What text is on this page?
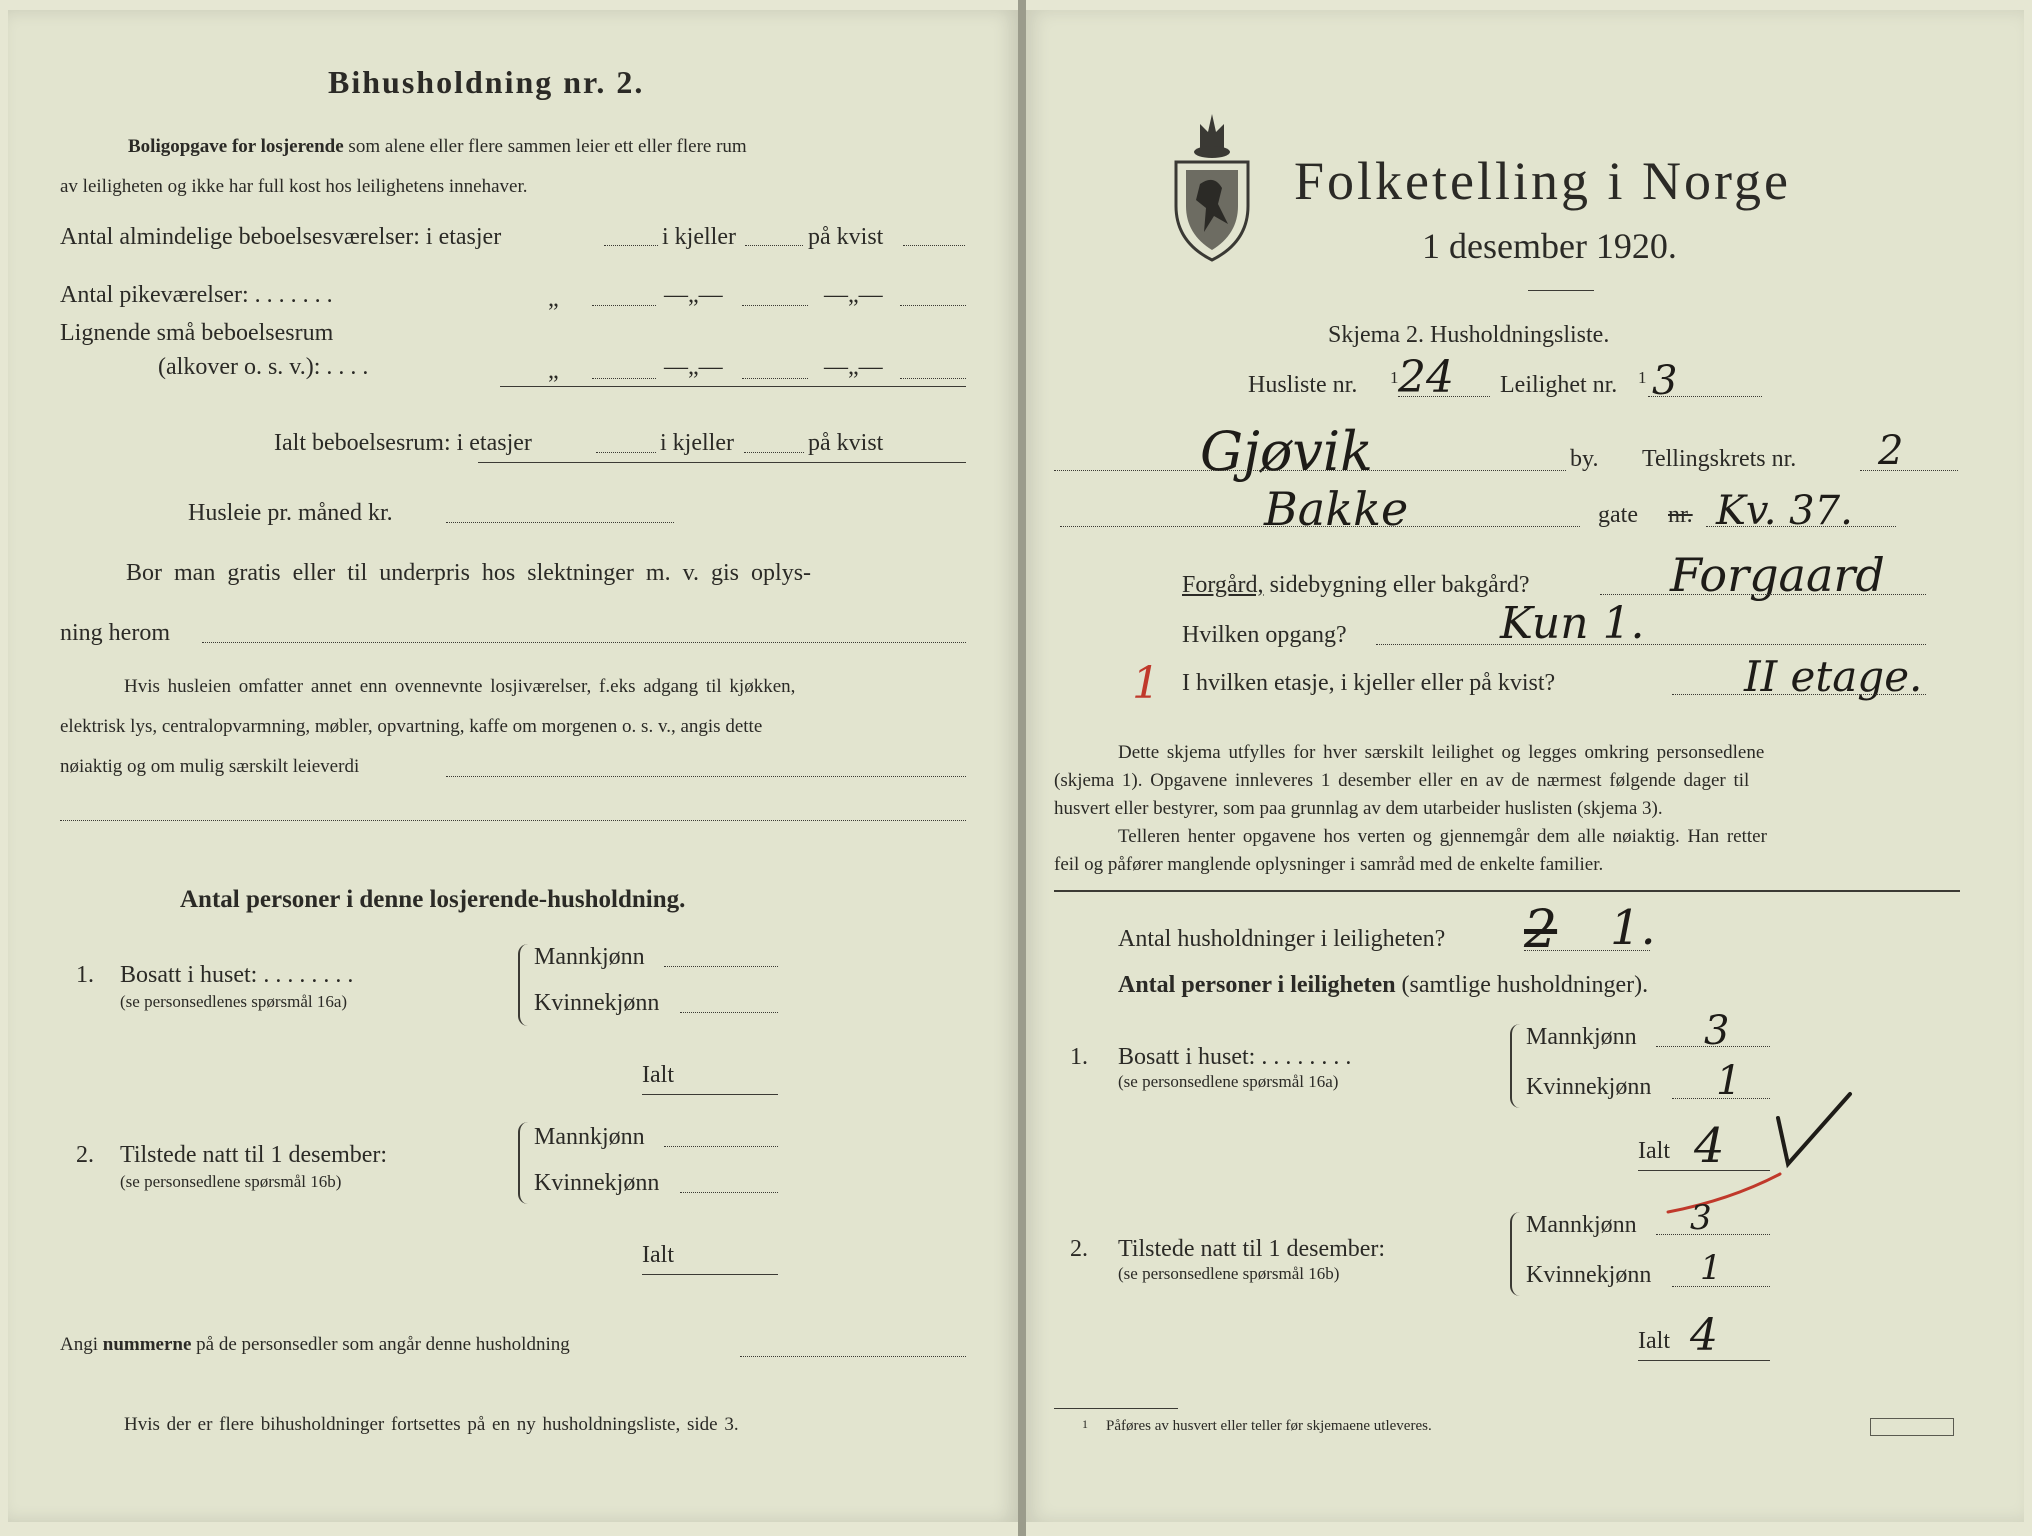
Bihusholdning nr. 2.
Boligopgave for losjerende som alene eller flere sammen leier ett eller flere rum
av leiligheten og ikke har full kost hos leilighetens innehaver.
Antal almindelige beboelsesværelser: i etasjer	i kjeller	på kvist
Antal pikeværelser: . . . . . . .	„	—„—	—„—
Lignende små beboelsesrum
(alkover o. s. v.): . . . .	„	—„—	—„—
Ialt beboelsesrum: i etasjer	i kjeller	på kvist
Husleie pr. måned kr.
Bor man gratis eller til underpris hos slektninger m. v. gis oplys-
ning herom
Hvis husleien omfatter annet enn ovennevnte losjiværelser, f.eks adgang til kjøkken,
elektrisk lys, centralopvarmning, møbler, opvartning, kaffe om morgenen o. s. v., angis dette
nøiaktig og om mulig særskilt leieverdi
Antal personer i denne losjerende-husholdning.
1. Bosatt i huset: . . . . . . . .
(se personsedlenes spørsmål 16a)
Mannkjønn
Kvinnekjønn
Ialt
2. Tilstede natt til 1 desember:
(se personsedlene spørsmål 16b)
Mannkjønn
Kvinnekjønn
Ialt
Angi nummerne på de personsedler som angår denne husholdning
Hvis der er flere bihusholdninger fortsettes på en ny husholdningsliste, side 3.
Folketelling i Norge
1 desember 1920.
Skjema 2. Husholdningsliste.
Husliste nr. 1 24 Leilighet nr. 1 3
Gjøvik	by. Tellingskrets nr. 2
Bakke	gate nr. Kv. 37.
Forgård, sidebygning eller bakgård?	Forgaard
Hvilken opgang?	Kun 1.
1 I hvilken etasje, i kjeller eller på kvist?	II etage.
Dette skjema utfylles for hver særskilt leilighet og legges omkring personsedlene
(skjema 1). Opgavene innleveres 1 desember eller en av de nærmest følgende dager til
husvert eller bestyrer, som paa grunnlag av dem utarbeider huslisten (skjema 3).
Telleren henter opgavene hos verten og gjennemgår dem alle nøiaktig. Han retter
feil og påfører manglende oplysninger i samråd med de enkelte familier.
Antal husholdninger i leiligheten? 2 1.
Antal personer i leiligheten (samtlige husholdninger).
1. Bosatt i huset: . . . . . . . .
(se personsedlene spørsmål 16a)
Mannkjønn 3
Kvinnekjønn 1
Ialt 4
2. Tilstede natt til 1 desember:
(se personsedlene spørsmål 16b)
Mannkjønn 3
Kvinnekjønn 1
Ialt 4
1 Påføres av husvert eller teller før skjemaene utleveres.
